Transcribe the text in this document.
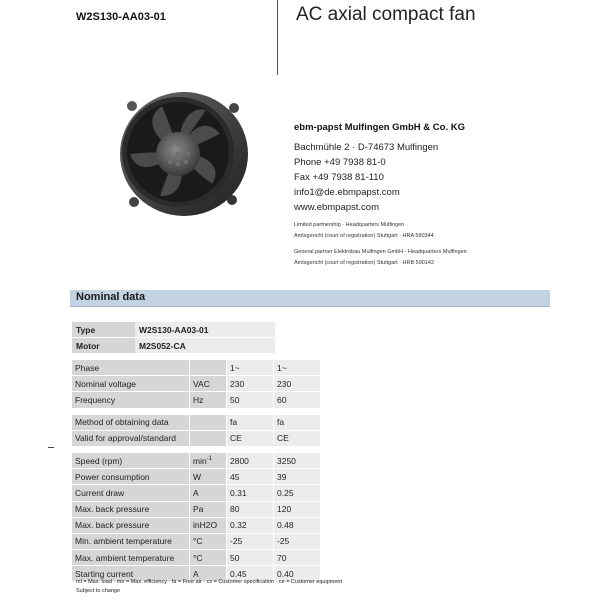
W2S130-AA03-01	AC axial compact fan
ebm-papst Mulfingen GmbH & Co. KG
Bachmühle 2 · D-74673 Mulfingen
Phone +49 7938 81-0
Fax +49 7938 81-110
info1@de.ebmpapst.com
www.ebmpapst.com
Limited partnership · Headquarters Mulfingen
Amtsgericht (court of registration) Stuttgart · HRA 590344
General partner Elektrobau Mulfingen GmbH · Headquarters Mulfingen
Amtsgericht (court of registration) Stuttgart · HRB 590142
Nominal data
Type	W2S130-AA03-01
Motor	M2S052-CA
Phase		1~	1~
Nominal voltage	VAC	230	230
Frequency	Hz	50	60

Method of obtaining data		fa	fa
Valid for approval/standard		CE	CE

Speed (rpm)	$\min^{-1}$	2800	3250
Power consumption	W	45	39
Current draw	A	0.31	0.25
Max. back pressure	Pa	80	120
Max. back pressure	inH2O	0.32	0.48
Min. ambient temperature	°C	-25	-25
Max. ambient temperature	°C	50	70
Starting current	A	0.45	0.40
ml = Max. load · me = Max. efficiency · fa = Free air · cs = Customer specification · ce = Customer equipment
Subject to change
